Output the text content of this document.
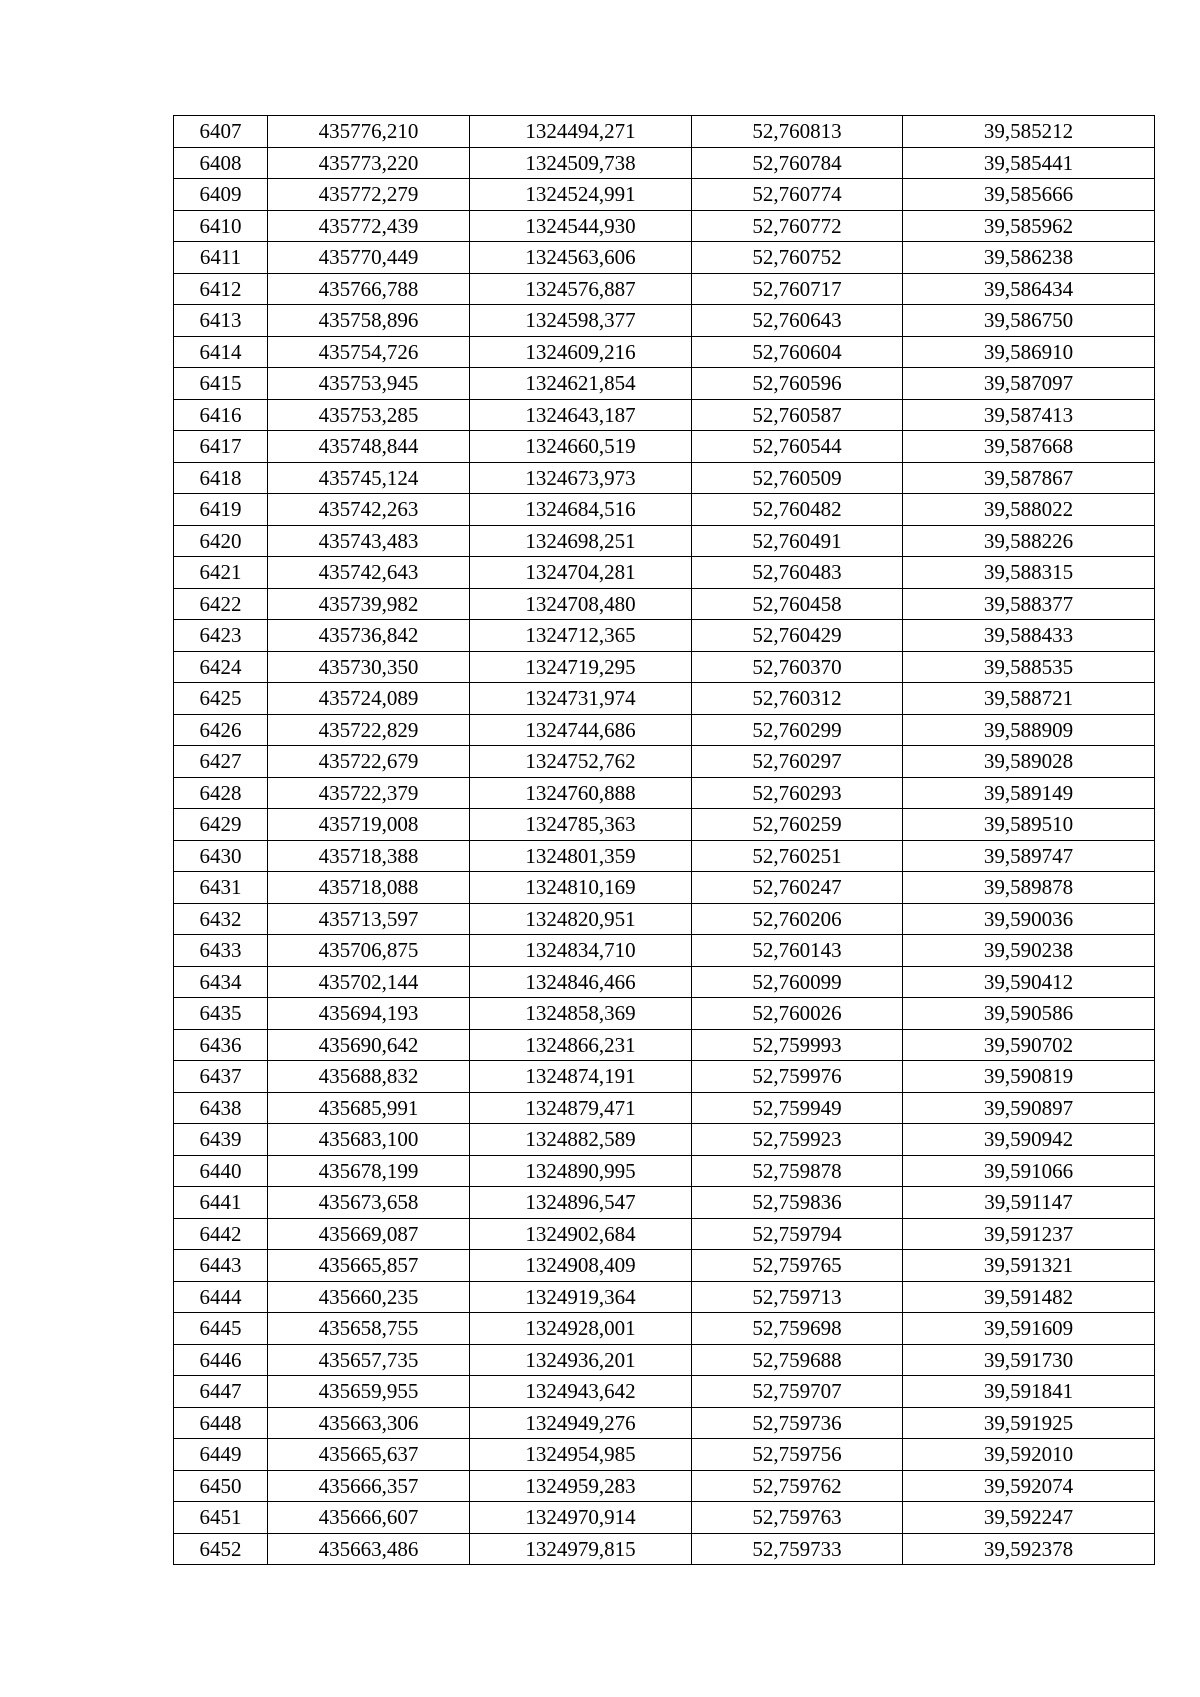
6407	435776,210	1324494,271	52,760813	39,585212
6408	435773,220	1324509,738	52,760784	39,585441
6409	435772,279	1324524,991	52,760774	39,585666
6410	435772,439	1324544,930	52,760772	39,585962
6411	435770,449	1324563,606	52,760752	39,586238
6412	435766,788	1324576,887	52,760717	39,586434
6413	435758,896	1324598,377	52,760643	39,586750
6414	435754,726	1324609,216	52,760604	39,586910
6415	435753,945	1324621,854	52,760596	39,587097
6416	435753,285	1324643,187	52,760587	39,587413
6417	435748,844	1324660,519	52,760544	39,587668
6418	435745,124	1324673,973	52,760509	39,587867
6419	435742,263	1324684,516	52,760482	39,588022
6420	435743,483	1324698,251	52,760491	39,588226
6421	435742,643	1324704,281	52,760483	39,588315
6422	435739,982	1324708,480	52,760458	39,588377
6423	435736,842	1324712,365	52,760429	39,588433
6424	435730,350	1324719,295	52,760370	39,588535
6425	435724,089	1324731,974	52,760312	39,588721
6426	435722,829	1324744,686	52,760299	39,588909
6427	435722,679	1324752,762	52,760297	39,589028
6428	435722,379	1324760,888	52,760293	39,589149
6429	435719,008	1324785,363	52,760259	39,589510
6430	435718,388	1324801,359	52,760251	39,589747
6431	435718,088	1324810,169	52,760247	39,589878
6432	435713,597	1324820,951	52,760206	39,590036
6433	435706,875	1324834,710	52,760143	39,590238
6434	435702,144	1324846,466	52,760099	39,590412
6435	435694,193	1324858,369	52,760026	39,590586
6436	435690,642	1324866,231	52,759993	39,590702
6437	435688,832	1324874,191	52,759976	39,590819
6438	435685,991	1324879,471	52,759949	39,590897
6439	435683,100	1324882,589	52,759923	39,590942
6440	435678,199	1324890,995	52,759878	39,591066
6441	435673,658	1324896,547	52,759836	39,591147
6442	435669,087	1324902,684	52,759794	39,591237
6443	435665,857	1324908,409	52,759765	39,591321
6444	435660,235	1324919,364	52,759713	39,591482
6445	435658,755	1324928,001	52,759698	39,591609
6446	435657,735	1324936,201	52,759688	39,591730
6447	435659,955	1324943,642	52,759707	39,591841
6448	435663,306	1324949,276	52,759736	39,591925
6449	435665,637	1324954,985	52,759756	39,592010
6450	435666,357	1324959,283	52,759762	39,592074
6451	435666,607	1324970,914	52,759763	39,592247
6452	435663,486	1324979,815	52,759733	39,592378
